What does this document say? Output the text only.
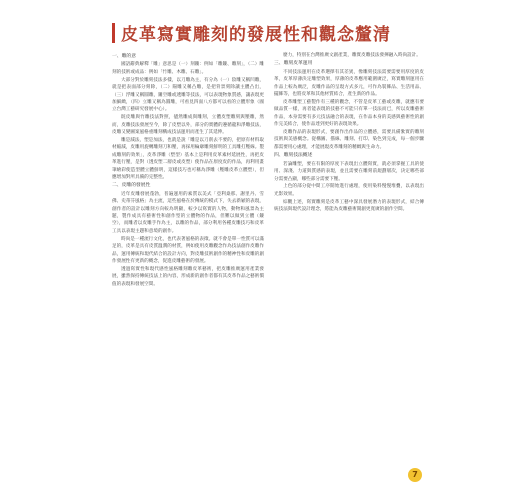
皮革寫實雕刻的發展性和觀念釐清
一、雕的意

國語辭典解釋「雕」意思是（一）刻鏤：例如「雕鏤、雕刻」，（二）雕刻的技術或成品：例如「竹雕、木雕、石雕」。

大部分對於雕刻技法多樣，以刀雕為主，有分為（一）陰雕又稱凹雕，就是把表面部分刻除，（二）陽雕又稱凸雕，是把背景刻除讓主體凸出，（三）浮雕又稱圓雕，鏤空雕或透雕等技法，可以表現物象質感，讓表現更加細緻，（四）立雕又稱為圓雕，可看見四面八方都可以看的立體形象（國立台灣工藝研究發展中心）。

既皮雕與竹雕技法對照，儘然雕成與雕刻，立體皮塑雕刻與壓雕，然而，皮雕技法發展至今，除了皮塑以外，部分的實體的遵循龍和淨雕技法，皮雕又變圖案風格重雕刻構成技法運用而產生了其延伸。

雕是減法，塑是加法，也就是說「雕是以刀削去不要的，把原有材料取材縮減，皮雕用旋轉雕刻刀和壓，再採用輪廓雕刻鮮明的工具雕打壓線。製成雕刻的效果」，皮革淨雕（塑型）基本上是利用皮革素材延展性，再把皮革進行壓，是對（透皮塑二層皮或皮塑）使作品在原度皮的作品，再利用畫筆繪彩使造型體立體鮮明，這樣技巧也可稱為淨雕（壓雕皮革立體塑），但應增加對所具備的完整性。

二、皮雕的發展性

近年皮雕發展蓬勃，普遍運用的素質以美式「亞利桑那、謝里丹、雪佛、史蒂芬風格」為主流，這些風格在於傳統的模式下，失去新穎的表現，創作者的設計以雕刻方向較為明顯，較少以寫實的人物，動物和風景為主題，製作成具有藝術性和創作型的立體物的作品，但難以做到立體（鏤空），而雕者以皮雕手作為主，以雕的作品，部分利用各種皮雕技巧和皮革工具以表現主題和意境的創作。

時尚是一種流行文化，也代表著風格的表徵。就不會是單一性質可以滿足的，皮革是具有皮質溫潤的材質，例如使用皮雕觀念作為技法創作皮雕作品，運用傳統和現代結合的設計方向，對皮雕技術創作的精神性和皮雕的創作發展性有更新的概念，促進皮雕藝術的發展。

透過寫實性和現代感性風格雕刻雕皮革藝術，把皮雕推廣運用產業發展，雖然保持傳統技法上的內容，形成新的創作者都有其皮革作品之藝術價值的表現和發展空間。

麼力，特別在台灣推廣文創產業，雕實皮雕技法發揮融入時尚設計。

三、雕刻皮革運用

不同技法運用在皮革選擇有其差異，像雕刻技法需要需要用厚度的皮革，皮革厚薄決定雕塑效果，厚薄的皮革應用範圍廣泛，寫實雕刻運用在作品上較為廣泛，皮雕作品的呈現方式多元，可作為裝飾品、生活用品、擺飾等，也將皮革和其他材質結合，產生新的作品。

皮革雕塑工藝製作有三種的觀念，不管是皮革工藝或皮雕，就應有要做品質一樣，再者能表現的技藝不可能只有單一技法而已，所以皮雕藝術作品，本身需要有多元技法融合的表現，在作品本身的美感與藝術性的創作完美結合，使作品達到更好的表現效果。

皮雕作品的表現形式，要創作出作品的立體感，需要具備紮實的雕刻技術與美感概念。從構圖、描線、雕刻、打印、染色到完成，每一個步驟都需要用心處理，才能展現皮革雕刻的精緻與生命力。

四、雕刻技法概述

若論雕塑，要在有限的厚度下表現出立體寫實，就必須掌握工具的使用、深淺、力道與質感的表現，並且需要在雕刻前規劃層次，決定哪些部分需要凸顯，哪些部分需要下壓。

上色的部分從中間工序開始進行處理，使用染料慢慢堆疊，以表現出光影效果。

綜觀上述，寫實雕刻是皮革工藝中深具發展潛力的表現形式，結合傳統技法與現代設計理念，將能為皮雕藝術開創更寬廣的創作空間。

7
